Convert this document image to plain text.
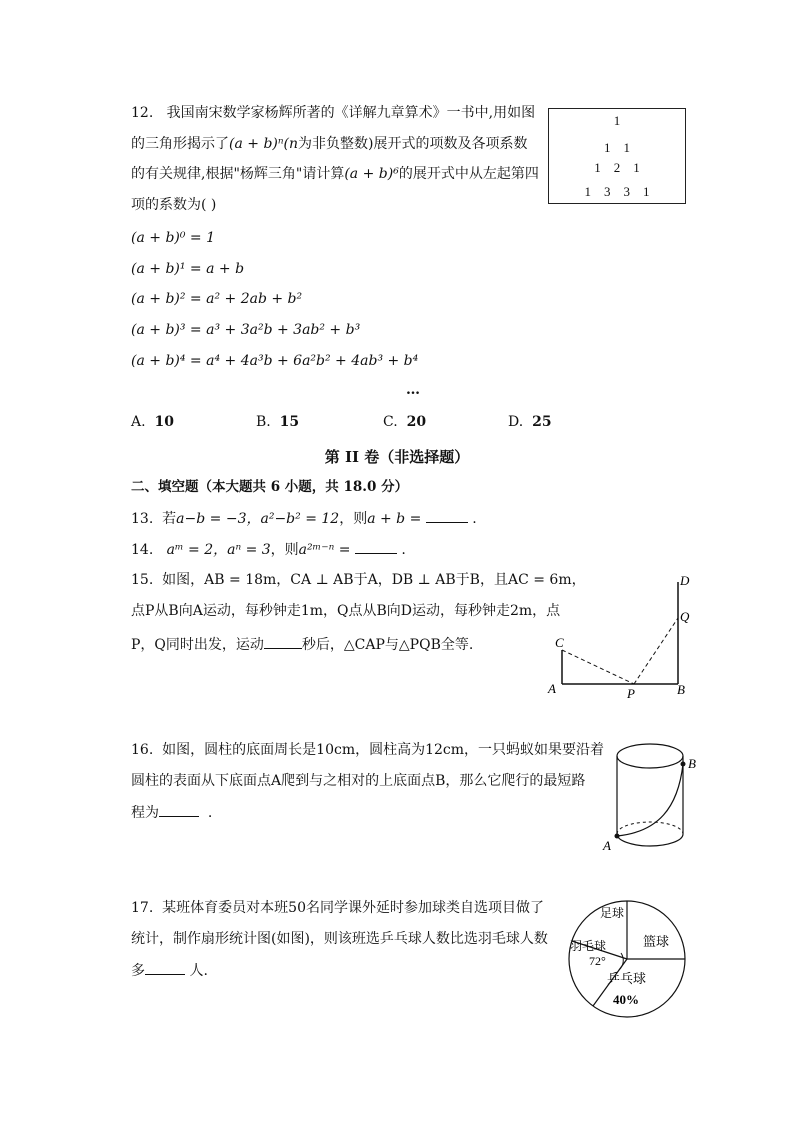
12. 我国南宋数学家杨辉所著的《详解九章算术》一书中,用如图
的三角形揭示了(a + b)ⁿ(n为非负整数)展开式的项数及各项系数
的有关规律,根据"杨辉三角"请计算(a + b)⁶的展开式中从左起第四
项的系数为( )
1
1    1
1    2    1
1    3    3    1
(a + b)⁰ = 1
(a + b)¹ = a + b
(a + b)² = a² + 2ab + b²
(a + b)³ = a³ + 3a²b + 3ab² + b³
(a + b)⁴ = a⁴ + 4a³b + 6a²b² + 4ab³ + b⁴
…
A. 10	B. 15	C. 20	D. 25
第 II 卷（非选择题）
二、填空题（本大题共 6 小题，共 18.0 分）
13. 若a−b = −3，a²−b² = 12，则a + b =	.
14. aᵐ = 2，aⁿ = 3，则a²ᵐ⁻ⁿ =	.
15. 如图，AB = 18m，CA ⊥ AB于A，DB ⊥ AB于B，且AC = 6m，
点P从B向A运动，每秒钟走1m，Q点从B向D运动，每秒钟走2m，点
P，Q同时出发，运动	秒后，△CAP与△PQB全等.
D
Q
C
A	P	B
16. 如图，圆柱的底面周长是10cm，圆柱高为12cm，一只蚂蚁如果要沿着
圆柱的表面从下底面点A爬到与之相对的上底面点B，那么它爬行的最短路
程为	.
B
A
17. 某班体育委员对本班50名同学课外延时参加球类自选项目做了
统计，制作扇形统计图(如图)，则该班选乒乓球人数比选羽毛球人数
多	人.
足球
篮球
羽毛球
72°
乒乓球
40%
